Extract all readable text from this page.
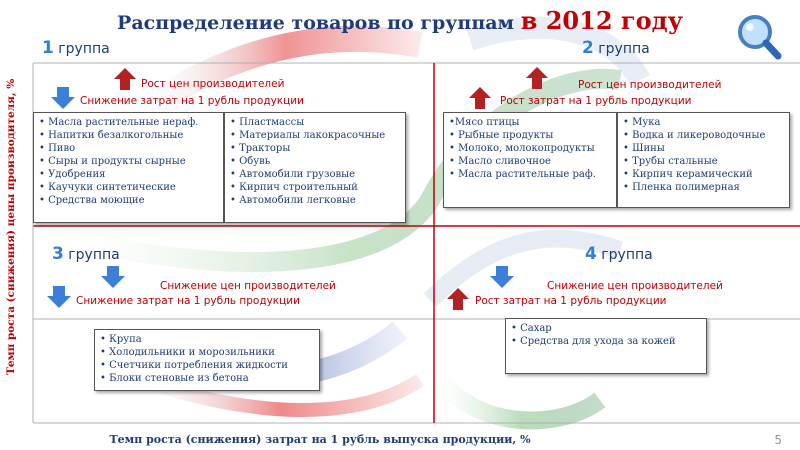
Распределение товаров по группам в 2012 году
Темп роста (снижения) цены производителя, %
Темп роста (снижения) затрат на 1 рубль выпуска продукции, %	5
1 группа
Рост цен производителей
Снижение затрат на 1 рубль продукции
• Масла растительные нераф.
• Напитки безалкогольные
• Пиво
• Сыры и продукты сырные
• Удобрения
• Каучуки синтетические
• Средства моющие
• Пластмассы
• Материалы лакокрасочные
• Тракторы
• Обувь
• Автомобили грузовые
• Кирпич строительный
• Автомобили легковые
2 группа
Рост цен производителей
Рост затрат на 1 рубль продукции
•Мясо птицы
• Рыбные продукты
• Молоко, молокопродукты
• Масло сливочное
• Масла растительные раф.
• Мука
• Водка и ликероводочные
• Шины
• Трубы стальные
• Кирпич керамический
• Пленка полимерная
3 группа
Снижение цен производителей
Снижение затрат на 1 рубль продукции
• Крупа
• Холодильники и морозильники
• Счетчики потребления жидкости
• Блоки стеновые из бетона
4 группа
Снижение цен производителей
Рост затрат на 1 рубль продукции
• Сахар
• Средства для ухода за кожей
